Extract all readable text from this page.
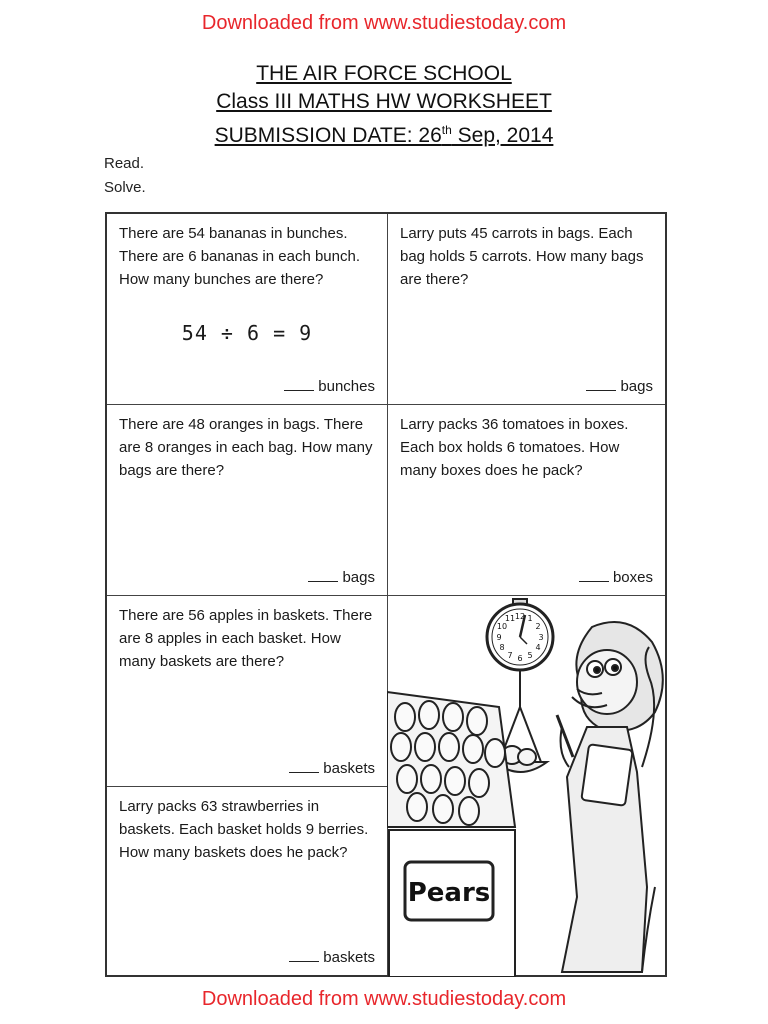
Downloaded from www.studiestoday.com
THE AIR FORCE SCHOOL
Class III MATHS HW WORKSHEET
SUBMISSION DATE: 26th Sep, 2014
Read.
Solve.
There are 54 bananas in bunches.
There are 6 bananas in each bunch.
How many bunches are there?
54 ÷ 6 = 9
bunches
Larry puts 45 carrots in bags. Each
bag holds 5 carrots. How many bags
are there?
bags
There are 48 oranges in bags. There
are 8 oranges in each bag. How many
bags are there?
bags
Larry packs 36 tomatoes in boxes.
Each box holds 6 tomatoes. How
many boxes does he pack?
boxes
There are 56 apples in baskets. There
are 8 apples in each basket. How
many baskets are there?
baskets
Larry packs 63 strawberries in
baskets. Each basket holds 9 berries.
How many baskets does he pack?
baskets
12 1
2
3
4
5
6
7
8
9
10
11
Pears
Downloaded from www.studiestoday.com
